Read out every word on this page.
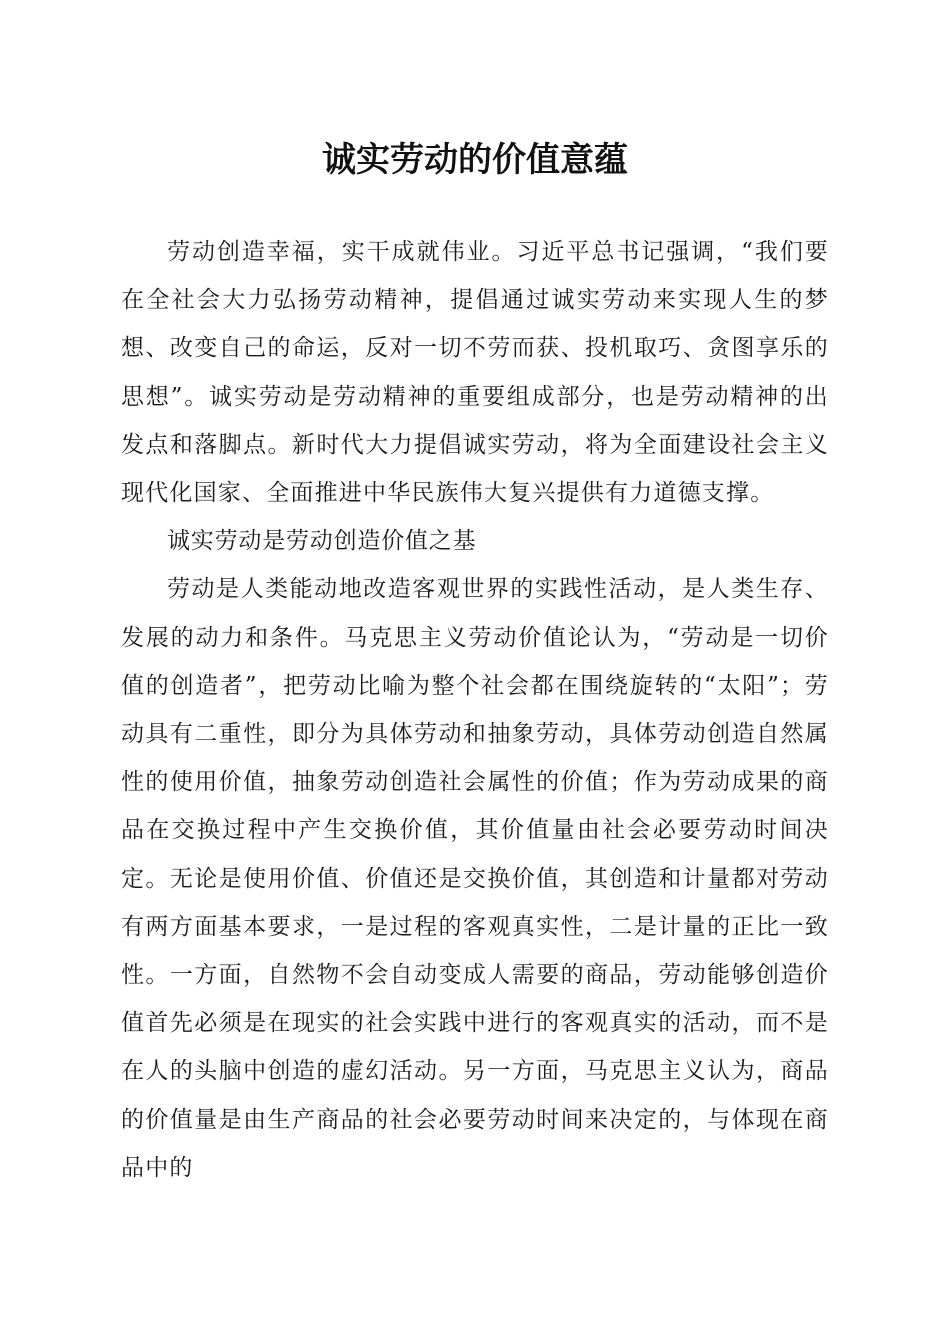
诚实劳动的价值意蕴

劳动创造幸福，实干成就伟业。习近平总书记强调，“我们要在全社会大力弘扬劳动精神，提倡通过诚实劳动来实现人生的梦想、改变自己的命运，反对一切不劳而获、投机取巧、贪图享乐的思想”。诚实劳动是劳动精神的重要组成部分，也是劳动精神的出发点和落脚点。新时代大力提倡诚实劳动，将为全面建设社会主义现代化国家、全面推进中华民族伟大复兴提供有力道德支撑。

诚实劳动是劳动创造价值之基

劳动是人类能动地改造客观世界的实践性活动，是人类生存、发展的动力和条件。马克思主义劳动价值论认为，“劳动是一切价值的创造者”，把劳动比喻为整个社会都在围绕旋转的“太阳”；劳动具有二重性，即分为具体劳动和抽象劳动，具体劳动创造自然属性的使用价值，抽象劳动创造社会属性的价值；作为劳动成果的商品在交换过程中产生交换价值，其价值量由社会必要劳动时间决定。无论是使用价值、价值还是交换价值，其创造和计量都对劳动有两方面基本要求，一是过程的客观真实性，二是计量的正比一致性。一方面，自然物不会自动变成人需要的商品，劳动能够创造价值首先必须是在现实的社会实践中进行的客观真实的活动，而不是在人的头脑中创造的虚幻活动。另一方面，马克思主义认为，商品的价值量是由生产商品的社会必要劳动时间来决定的，与体现在商品中的
